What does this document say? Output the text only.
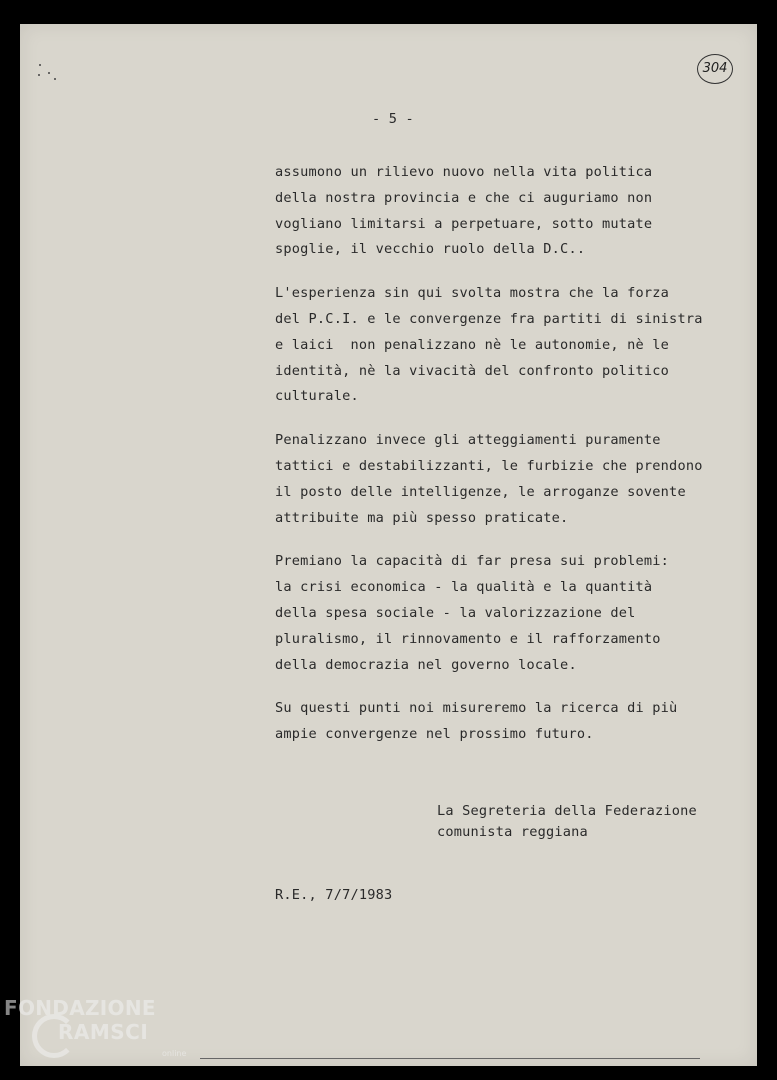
304
- 5 -
assumono un rilievo nuovo nella vita politica
della nostra provincia e che ci auguriamo non
vogliano limitarsi a perpetuare, sotto mutate
spoglie, il vecchio ruolo della D.C..
L'esperienza sin qui svolta mostra che la forza
del P.C.I. e le convergenze fra partiti di sinistra
e laici  non penalizzano nè le autonomie, nè le
identità, nè la vivacità del confronto politico
culturale.
Penalizzano invece gli atteggiamenti puramente
tattici e destabilizzanti, le furbizie che prendono
il posto delle intelligenze, le arroganze sovente
attribuite ma più spesso praticate.
Premiano la capacità di far presa sui problemi:
la crisi economica - la qualità e la quantità
della spesa sociale - la valorizzazione del
pluralismo, il rinnovamento e il rafforzamento
della democrazia nel governo locale.
Su questi punti noi misureremo la ricerca di più
ampie convergenze nel prossimo futuro.
La Segreteria della Federazione
comunista reggiana
R.E., 7/7/1983
FONDAZIONE
RAMSCI
online
